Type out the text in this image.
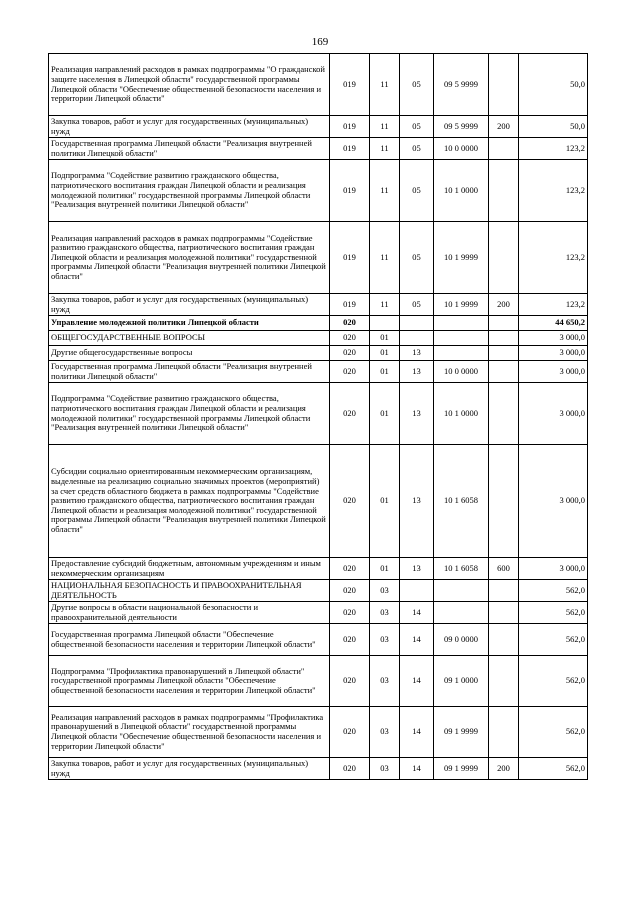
169
Реализация направлений расходов в рамках подпрограммы "О гражданской защите населения в Липецкой области" государственной программы Липецкой области "Обеспечение общественной безопасности населения и территории Липецкой области"	019	11	05	09 5 9999		50,0
Закупка товаров, работ и услуг для государственных (муниципальных) нужд	019	11	05	09 5 9999	200	50,0
Государственная программа Липецкой области "Реализация внутренней политики Липецкой области"	019	11	05	10 0 0000		123,2
Подпрограмма "Содействие развитию гражданского общества, патриотического воспитания граждан Липецкой области и реализация молодежной политики" государственной программы Липецкой области "Реализация внутренней политики Липецкой области"	019	11	05	10 1 0000		123,2
Реализация направлений расходов в рамках подпрограммы "Содействие развитию гражданского общества, патриотического воспитания граждан Липецкой области и реализация молодежной политики" государственной программы Липецкой области "Реализация внутренней политики Липецкой области"	019	11	05	10 1 9999		123,2
Закупка товаров, работ и услуг для государственных (муниципальных) нужд	019	11	05	10 1 9999	200	123,2
Управление молодежной политики Липецкой области	020					44 650,2
ОБЩЕГОСУДАРСТВЕННЫЕ ВОПРОСЫ	020	01				3 000,0
Другие общегосударственные вопросы	020	01	13			3 000,0
Государственная программа Липецкой области "Реализация внутренней политики Липецкой области"	020	01	13	10 0 0000		3 000,0
Подпрограмма "Содействие развитию гражданского общества, патриотического воспитания граждан Липецкой области и реализация молодежной политики" государственной программы Липецкой области "Реализация внутренней политики Липецкой области"	020	01	13	10 1 0000		3 000,0
Субсидии социально ориентированным некоммерческим организациям, выделенные на реализацию социально значимых проектов (мероприятий) за счет средств областного бюджета в рамках подпрограммы "Содействие развитию гражданского общества, патриотического воспитания граждан Липецкой области и реализация молодежной политики" государственной программы Липецкой области "Реализация внутренней политики Липецкой области"	020	01	13	10 1 6058		3 000,0
Предоставление субсидий бюджетным, автономным учреждениям и иным некоммерческим организациям	020	01	13	10 1 6058	600	3 000,0
НАЦИОНАЛЬНАЯ БЕЗОПАСНОСТЬ И ПРАВООХРАНИТЕЛЬНАЯ ДЕЯТЕЛЬНОСТЬ	020	03				562,0
Другие вопросы в области национальной безопасности и правоохранительной деятельности	020	03	14			562,0
Государственная программа Липецкой области "Обеспечение общественной безопасности населения и территории Липецкой области"	020	03	14	09 0 0000		562,0
Подпрограмма "Профилактика правонарушений в Липецкой области" государственной программы Липецкой области "Обеспечение общественной безопасности населения и территории Липецкой области"	020	03	14	09 1 0000		562,0
Реализация направлений расходов в рамках подпрограммы "Профилактика правонарушений в Липецкой области" государственной программы Липецкой области "Обеспечение общественной безопасности населения и территории Липецкой области"	020	03	14	09 1 9999		562,0
Закупка товаров, работ и услуг для государственных (муниципальных) нужд	020	03	14	09 1 9999	200	562,0
